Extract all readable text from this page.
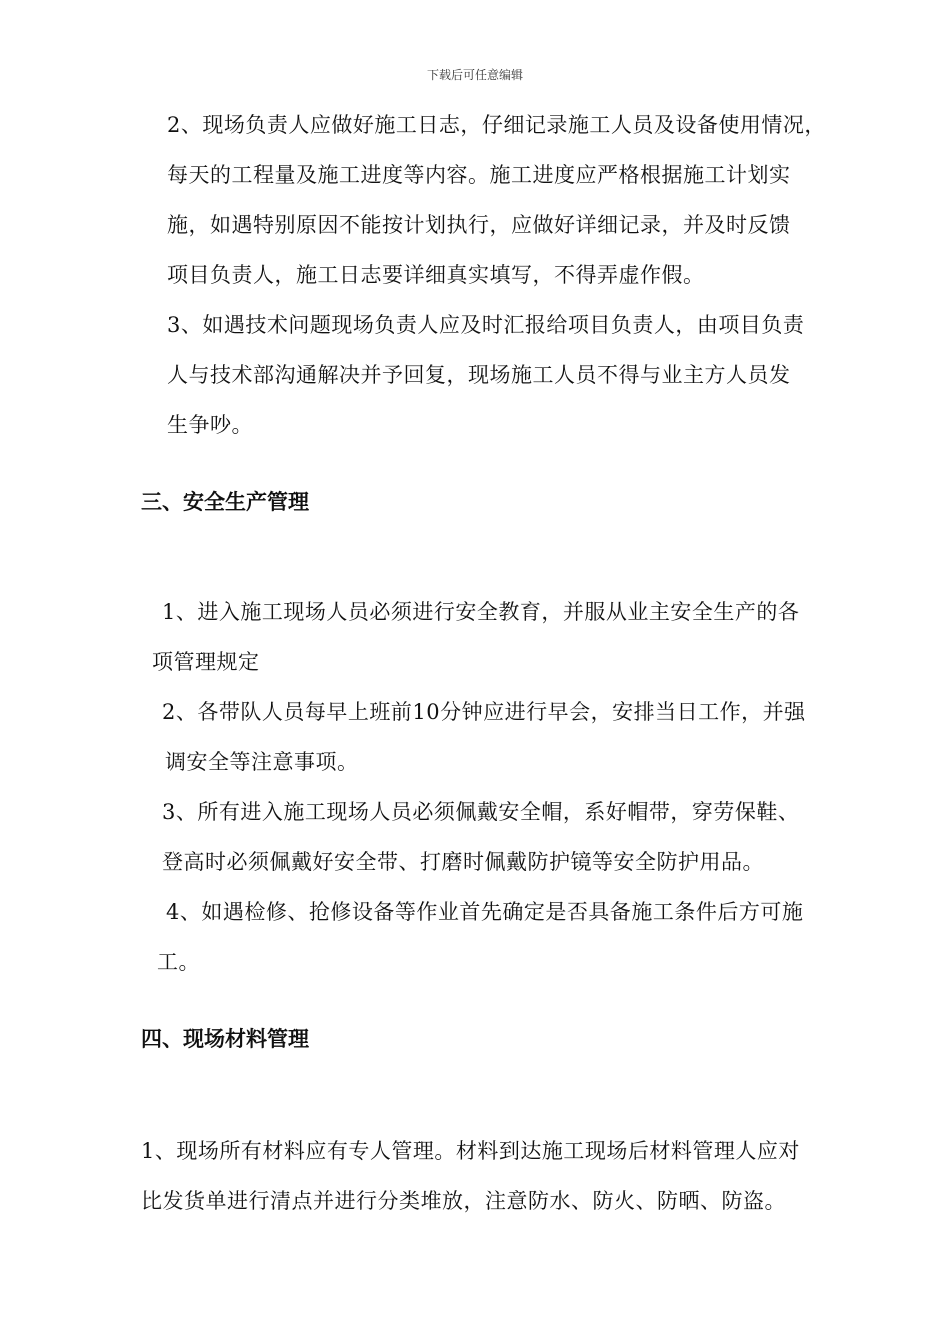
下载后可任意编辑
2、现场负责人应做好施工日志，仔细记录施工人员及设备使用情况，
每天的工程量及施工进度等内容。施工进度应严格根据施工计划实
施，如遇特别原因不能按计划执行，应做好详细记录，并及时反馈
项目负责人，施工日志要详细真实填写，不得弄虚作假。
3、如遇技术问题现场负责人应及时汇报给项目负责人，由项目负责
人与技术部沟通解决并予回复，现场施工人员不得与业主方人员发
生争吵。
三、安全生产管理
1、进入施工现场人员必须进行安全教育，并服从业主安全生产的各
项管理规定
2、各带队人员每早上班前10分钟应进行早会，安排当日工作，并强
调安全等注意事项。
3、所有进入施工现场人员必须佩戴安全帽，系好帽带，穿劳保鞋、
登高时必须佩戴好安全带、打磨时佩戴防护镜等安全防护用品。
4、如遇检修、抢修设备等作业首先确定是否具备施工条件后方可施
工。
四、现场材料管理
1、现场所有材料应有专人管理。材料到达施工现场后材料管理人应对
比发货单进行清点并进行分类堆放，注意防水、防火、防晒、防盗。
